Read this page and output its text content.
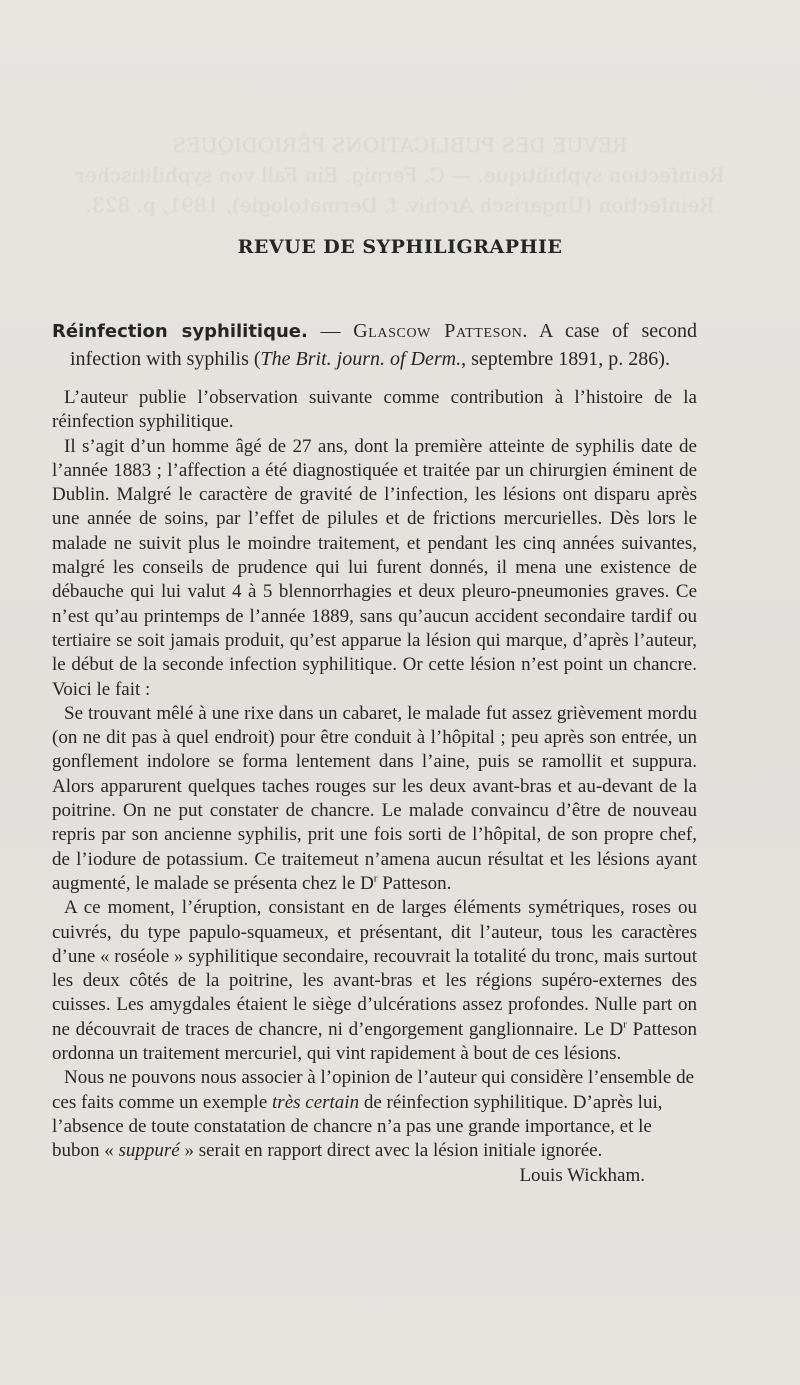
REVUE DES PUBLICATIONS PÉRIODIQUES
Reinfection syphilitique. — C. Fernig. Ein Fall von syphilitischer
Reinfection (Ungarisch Archiv. f. Dermatologie), 1891, p. 823.
REVUE DE SYPHILIGRAPHIE

Réinfection syphilitique. — Glascow Patteson. A case of second infection with syphilis (The Brit. journ. of Derm., septembre 1891, p. 286).

L’auteur publie l’observation suivante comme contribution à l’histoire de la réinfection syphilitique.

Il s’agit d’un homme âgé de 27 ans, dont la première atteinte de syphilis date de l’année 1883 ; l’affection a été diagnostiquée et traitée par un chirurgien éminent de Dublin. Malgré le caractère de gravité de l’infection, les lésions ont disparu après une année de soins, par l’effet de pilules et de frictions mercurielles. Dès lors le malade ne suivit plus le moindre traitement, et pendant les cinq années suivantes, malgré les conseils de prudence qui lui furent donnés, il mena une existence de débauche qui lui valut 4 à 5 blennorrhagies et deux pleuro-pneumonies graves. Ce n’est qu’au printemps de l’année 1889, sans qu’aucun accident secondaire tardif ou tertiaire se soit jamais produit, qu’est apparue la lésion qui marque, d’après l’auteur, le début de la seconde infection syphilitique. Or cette lésion n’est point un chancre. Voici le fait :

Se trouvant mêlé à une rixe dans un cabaret, le malade fut assez grièvement mordu (on ne dit pas à quel endroit) pour être conduit à l’hôpital ; peu après son entrée, un gonflement indolore se forma lentement dans l’aine, puis se ramollit et suppura. Alors apparurent quelques taches rouges sur les deux avant-bras et au-devant de la poitrine. On ne put constater de chancre. Le malade convaincu d’être de nouveau repris par son ancienne syphilis, prit une fois sorti de l’hôpital, de son propre chef, de l’iodure de potassium. Ce traitemeut n’amena aucun résultat et les lésions ayant augmenté, le malade se présenta chez le $D^r$ Patteson.

A ce moment, l’éruption, consistant en de larges éléments symétriques, roses ou cuivrés, du type papulo-squameux, et présentant, dit l’auteur, tous les caractères d’une « roséole » syphilitique secondaire, recouvrait la totalité du tronc, mais surtout les deux côtés de la poitrine, les avant-bras et les régions supéro-externes des cuisses. Les amygdales étaient le siège d’ulcérations assez profondes. Nulle part on ne découvrait de traces de chancre, ni d’engorgement ganglionnaire. Le $D^r$ Patteson ordonna un traitement mercuriel, qui vint rapidement à bout de ces lésions.

Nous ne pouvons nous associer à l’opinion de l’auteur qui considère l’ensemble de ces faits comme un exemple très certain de réinfection syphilitique. D’après lui, l’absence de toute constatation de chancre n’a pas une grande importance, et le bubon « suppuré » serait en rapport direct avec la lésion initiale ignorée.
Louis Wickham.
